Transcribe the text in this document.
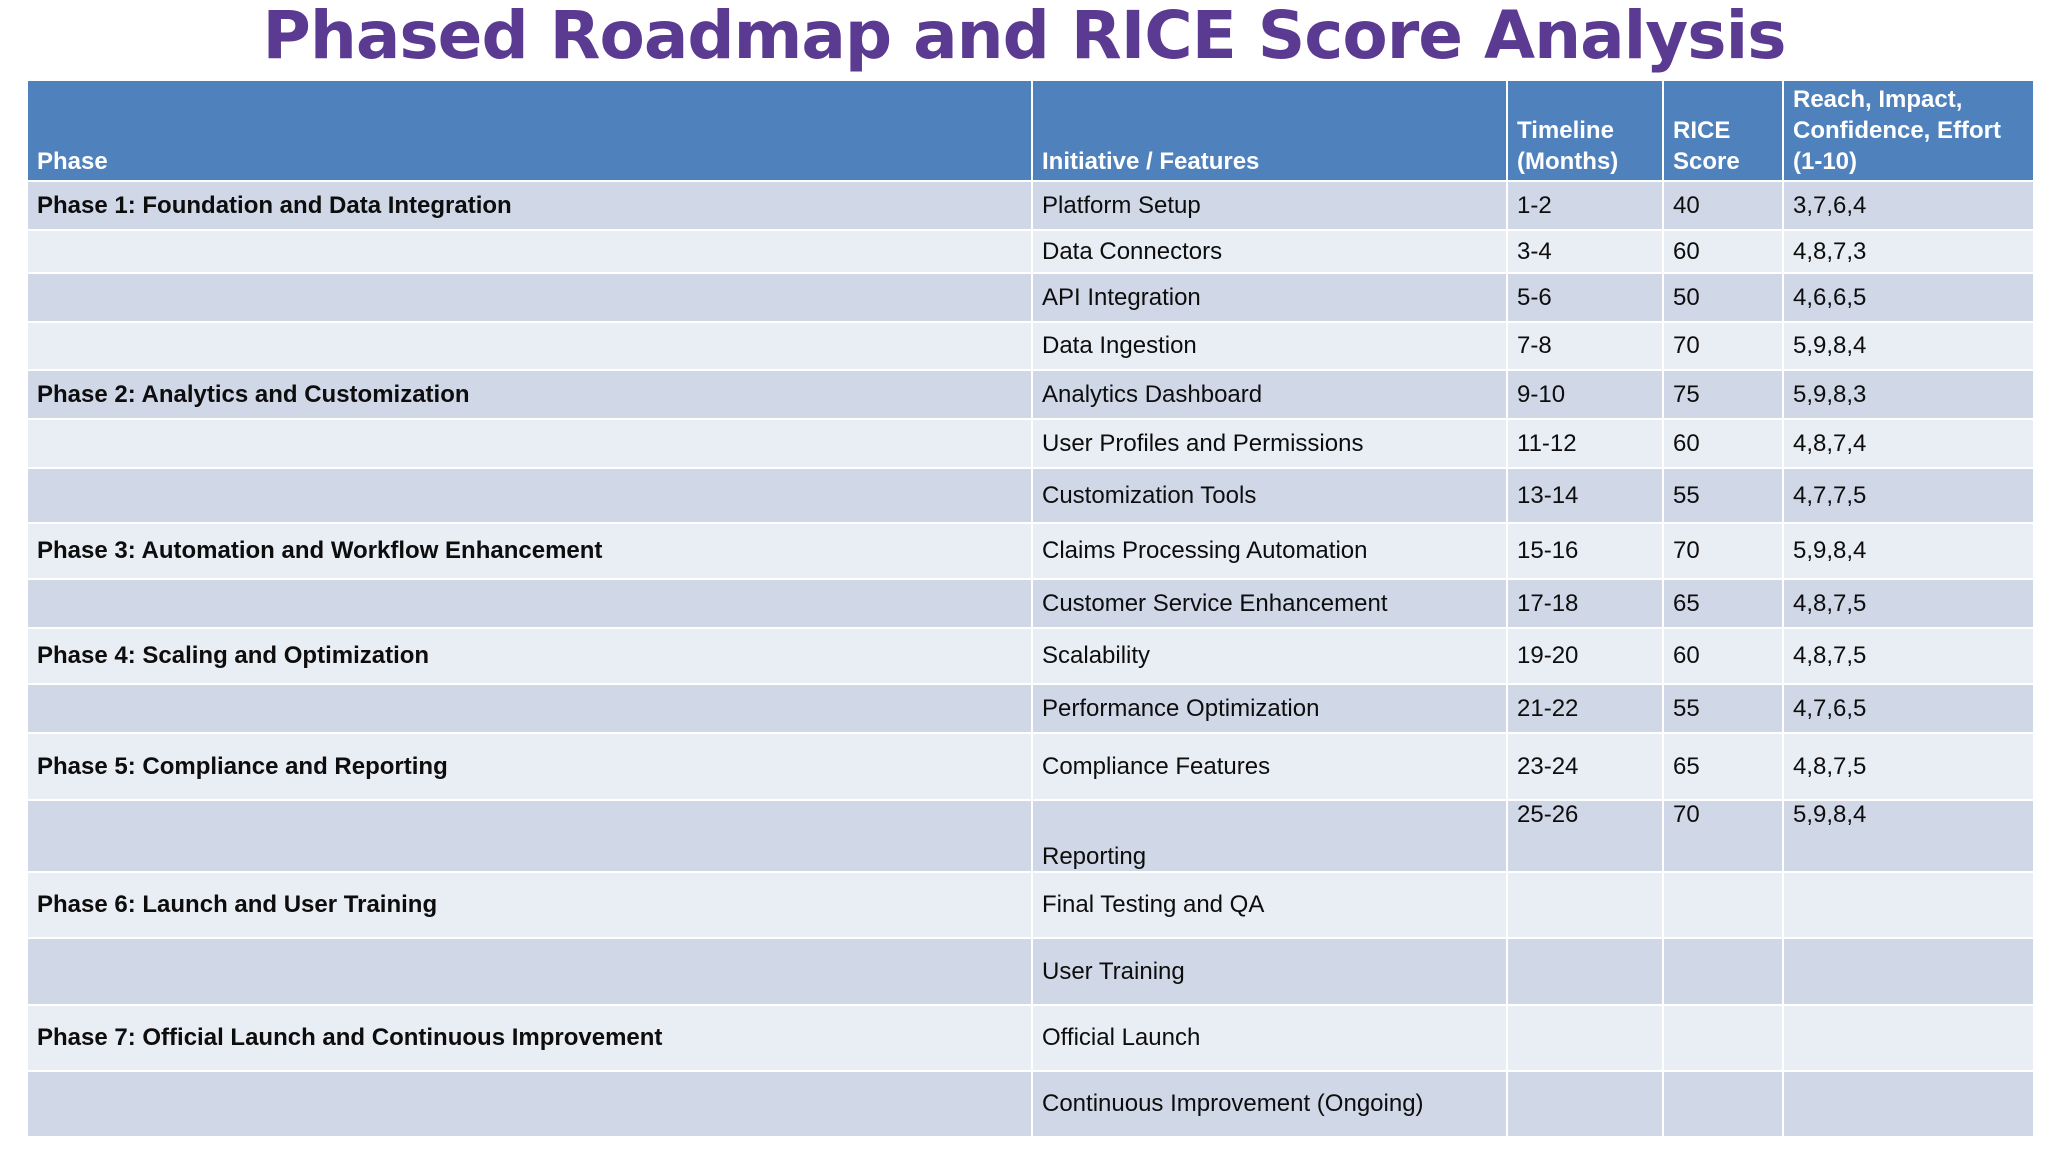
Phased Roadmap and RICE Score Analysis
Phase	Initiative / Features	Timeline (Months)	RICE Score	Reach, Impact, Confidence, Effort (1-10)
Phase 1: Foundation and Data Integration	Platform Setup	1-2	40	3,7,6,4
	Data Connectors	3-4	60	4,8,7,3
	API Integration	5-6	50	4,6,6,5
	Data Ingestion	7-8	70	5,9,8,4
Phase 2: Analytics and Customization	Analytics Dashboard	9-10	75	5,9,8,3
	User Profiles and Permissions	11-12	60	4,8,7,4
	Customization Tools	13-14	55	4,7,7,5
Phase 3: Automation and Workflow Enhancement	Claims Processing Automation	15-16	70	5,9,8,4
	Customer Service Enhancement	17-18	65	4,8,7,5
Phase 4: Scaling and Optimization	Scalability	19-20	60	4,8,7,5
	Performance Optimization	21-22	55	4,7,6,5
Phase 5: Compliance and Reporting	Compliance Features	23-24	65	4,8,7,5
	Reporting	25-26	70	5,9,8,4
Phase 6: Launch and User Training	Final Testing and QA			
	User Training			
Phase 7: Official Launch and Continuous Improvement	Official Launch			
	Continuous Improvement (Ongoing)			
